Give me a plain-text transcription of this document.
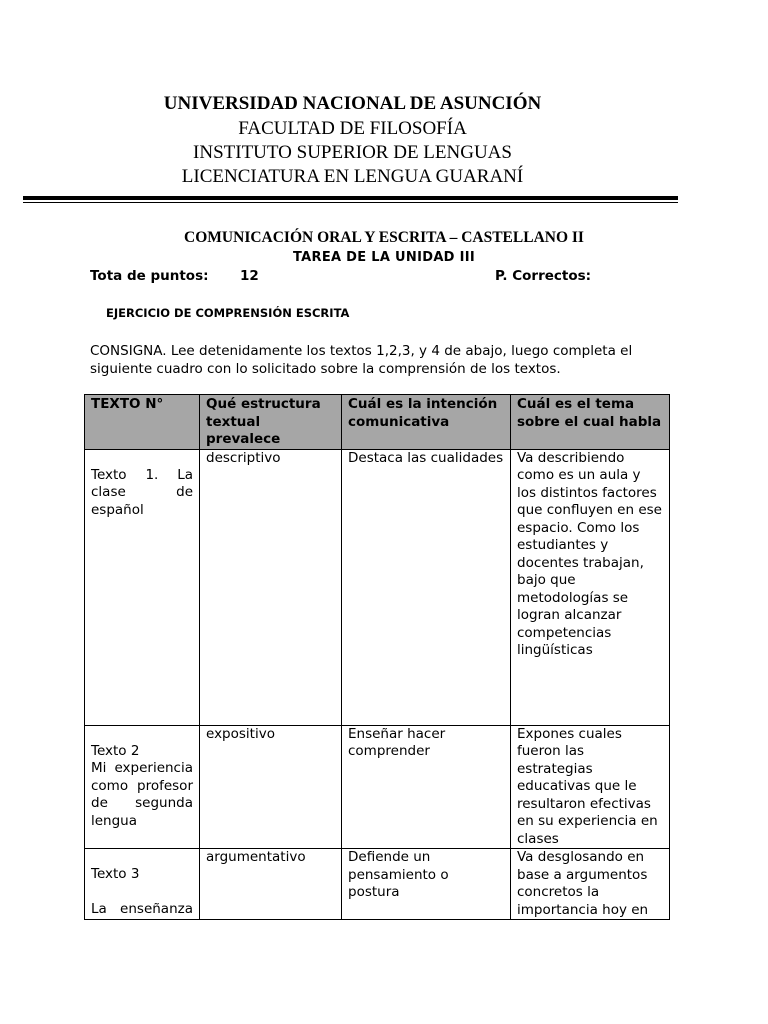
UNIVERSIDAD NACIONAL DE ASUNCIÓN
FACULTAD DE FILOSOFÍA
INSTITUTO SUPERIOR DE LENGUAS
LICENCIATURA EN LENGUA GUARANÍ
COMUNICACIÓN ORAL Y ESCRITA – CASTELLANO II
TAREA DE LA UNIDAD III
Tota de puntos: 12	P. Correctos:
EJERCICIO DE COMPRENSIÓN ESCRITA
CONSIGNA. Lee detenidamente los textos 1,2,3, y 4 de abajo, luego completa el siguiente cuadro con lo solicitado sobre la comprensión de los textos.
TEXTO N°	Qué estructura textual prevalece	Cuál es la intención comunicativa	Cuál es el tema sobre el cual habla

Texto 1. La clase de español	descriptivo	Destaca las cualidades	Va describiendo como es un aula y los distintos factores que confluyen en ese espacio. Como los estudiantes y docentes trabajan, bajo que metodologías se logran alcanzar competencias lingüísticas

Texto 2
Mi experiencia como profesor de segunda lengua	expositivo	Enseñar hacer comprender	Expones cuales fueron las estrategias educativas que le resultaron efectivas en su experiencia en clases

Texto 3
La enseñanza	argumentativo	Defiende un pensamiento o postura	Va desglosando en base a argumentos concretos la importancia hoy en
